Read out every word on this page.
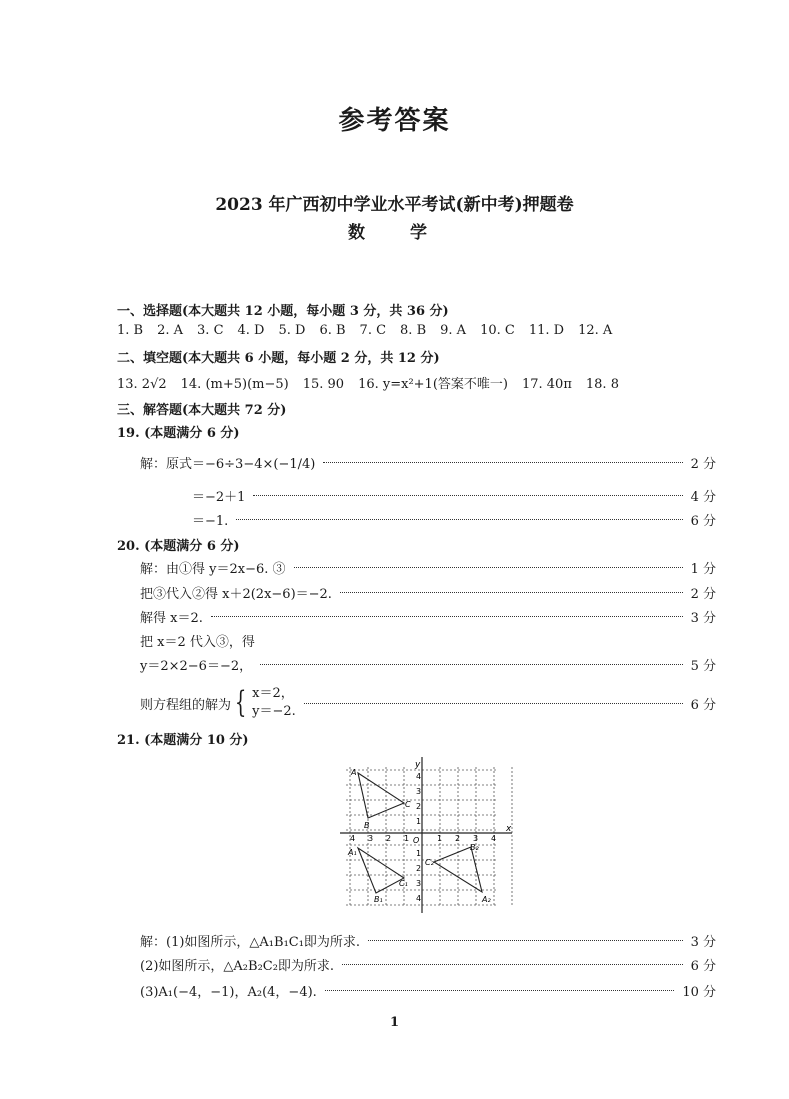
参考答案
2023 年广西初中学业水平考试(新中考)押题卷
数　学
一、选择题(本大题共 12 小题，每小题 3 分，共 36 分)
1. B 2. A 3. C 4. D 5. D 6. B 7. C 8. B 9. A 10. C 11. D 12. A
二、填空题(本大题共 6 小题，每小题 2 分，共 12 分)
13. 2√2 14. (m+5)(m−5) 15. 90 16. y=x²+1(答案不唯一) 17. 40π 18. 8
三、解答题(本大题共 72 分)
19. (本题满分 6 分)
解：原式＝−6÷3−4×(−1/4)	2 分
＝−2＋1	4 分
＝−1.	6 分
20. (本题满分 6 分)
解：由①得 y＝2x−6. ③	1 分
把③代入②得 x＋2(2x−6)＝−2.	2 分
解得 x＝2.	3 分
把 x＝2 代入③，得
y＝2×2−6＝−2，	5 分
则方程组的解为 { x＝2，
y＝−2.	6 分
21. (本题满分 10 分)
x
y
O
4 3 2 1	1 2 3 4
4
3
2
1
1
2
3
4
A
B
C
A₁
B₁
C₁
A₂
B₂
C₂
解：(1)如图所示，△A₁B₁C₁即为所求.	3 分
(2)如图所示，△A₂B₂C₂即为所求.	6 分
(3)A₁(−4，−1)，A₂(4，−4).	10 分
1
